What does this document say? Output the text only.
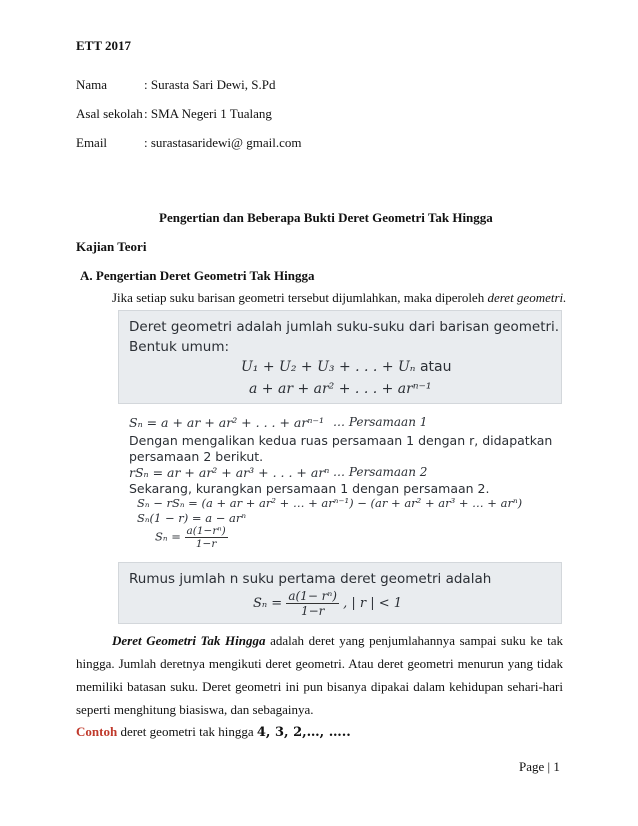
ETT 2017
Nama	: Surasta Sari Dewi, S.Pd
Asal sekolah : SMA Negeri 1 Tualang
Email	: surastasaridewi@ gmail.com
Pengertian dan Beberapa Bukti Deret Geometri Tak Hingga
Kajian Teori
A. Pengertian Deret Geometri Tak Hingga
Jika setiap suku barisan geometri tersebut dijumlahkan, maka diperoleh deret geometri.
Deret geometri adalah jumlah suku-suku dari barisan geometri.
Bentuk umum:
U₁ + U₂ + U₃ + . . . + Uₙ atau
a + ar + ar² + . . . + arⁿ⁻¹
Sₙ = a + ar + ar² + . . . + arⁿ⁻¹ … Persamaan 1
Dengan mengalikan kedua ruas persamaan 1 dengan r, didapatkan
persamaan 2 berikut.
rSₙ = ar + ar² + ar³ + . . . + arⁿ … Persamaan 2
Sekarang, kurangkan persamaan 1 dengan persamaan 2.
Sₙ − rSₙ = (a + ar + ar² + … + arⁿ⁻¹) − (ar + ar² + ar³ + … + arⁿ)
Sₙ(1 − r) = a − arⁿ
$S_n = \frac{\text{a(1−rⁿ)}}{1-r}$
Rumus jumlah n suku pertama deret geometri adalah
$S_n = \frac{\text{a(1− rⁿ)}}{1-r}$ , | r | < 1
Deret Geometri Tak Hingga adalah deret yang penjumlahannya sampai suku ke tak hingga. Jumlah deretnya mengikuti deret geometri. Atau deret geometri menurun yang tidak memiliki batasan suku. Deret geometri ini pun bisanya dipakai dalam kehidupan sehari-hari seperti menghitung biasiswa, dan sebagainya.
Contoh deret geometri tak hingga 4, 3, 2,…, …..
Page | 1
